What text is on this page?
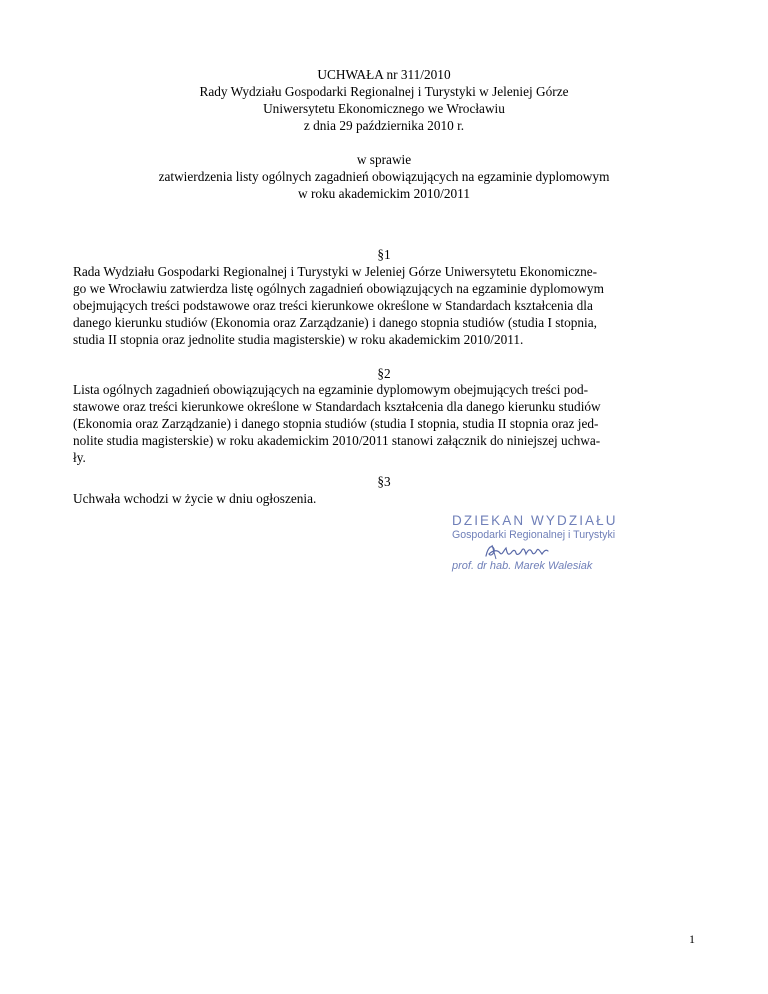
UCHWAŁA nr 311/2010
Rady Wydziału Gospodarki Regionalnej i Turystyki w Jeleniej Górze
Uniwersytetu Ekonomicznego we Wrocławiu
z dnia 29 października 2010 r.
w sprawie
zatwierdzenia listy ogólnych zagadnień obowiązujących na egzaminie dyplomowym
w roku akademickim 2010/2011
§1
Rada Wydziału Gospodarki Regionalnej i Turystyki w Jeleniej Górze Uniwersytetu Ekonomiczne-
go we Wrocławiu zatwierdza listę ogólnych zagadnień obowiązujących na egzaminie dyplomowym
obejmujących treści podstawowe oraz treści kierunkowe określone w Standardach kształcenia dla
danego kierunku studiów (Ekonomia oraz Zarządzanie) i danego stopnia studiów (studia I stopnia,
studia II stopnia oraz jednolite studia magisterskie) w roku akademickim 2010/2011.
§2
Lista ogólnych zagadnień obowiązujących na egzaminie dyplomowym obejmujących treści pod-
stawowe oraz treści kierunkowe określone w Standardach kształcenia dla danego kierunku studiów
(Ekonomia oraz Zarządzanie) i danego stopnia studiów (studia I stopnia, studia II stopnia oraz jed-
nolite studia magisterskie) w roku akademickim 2010/2011 stanowi załącznik do niniejszej uchwa-
ły.
§3
Uchwała wchodzi w życie w dniu ogłoszenia.
DZIEKAN WYDZIAŁU
Gospodarki Regionalnej i Turystyki
prof. dr hab. Marek Walesiak
1
